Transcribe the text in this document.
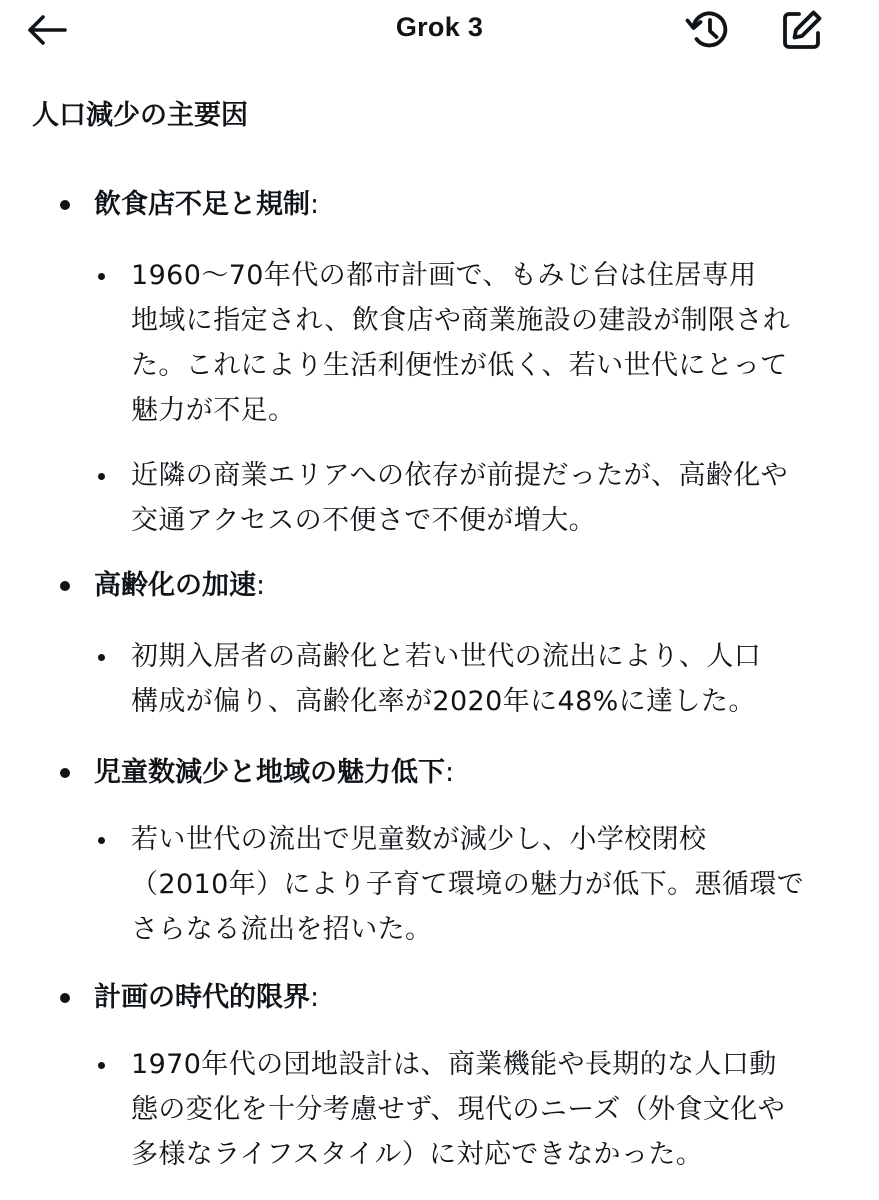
Grok 3
人口減少の主要因
飲食店不足と規制:
1960～70年代の都市計画で、もみじ台は住居専用
地域に指定され、飲食店や商業施設の建設が制限され
た。これにより生活利便性が低く、若い世代にとって
魅力が不足。
近隣の商業エリアへの依存が前提だったが、高齢化や
交通アクセスの不便さで不便が増大。
高齢化の加速:
初期入居者の高齢化と若い世代の流出により、人口
構成が偏り、高齢化率が2020年に48%に達した。
児童数減少と地域の魅力低下:
若い世代の流出で児童数が減少し、小学校閉校
（2010年）により子育て環境の魅力が低下。悪循環で
さらなる流出を招いた。
計画の時代的限界:
1970年代の団地設計は、商業機能や長期的な人口動
態の変化を十分考慮せず、現代のニーズ（外食文化や
多様なライフスタイル）に対応できなかった。
